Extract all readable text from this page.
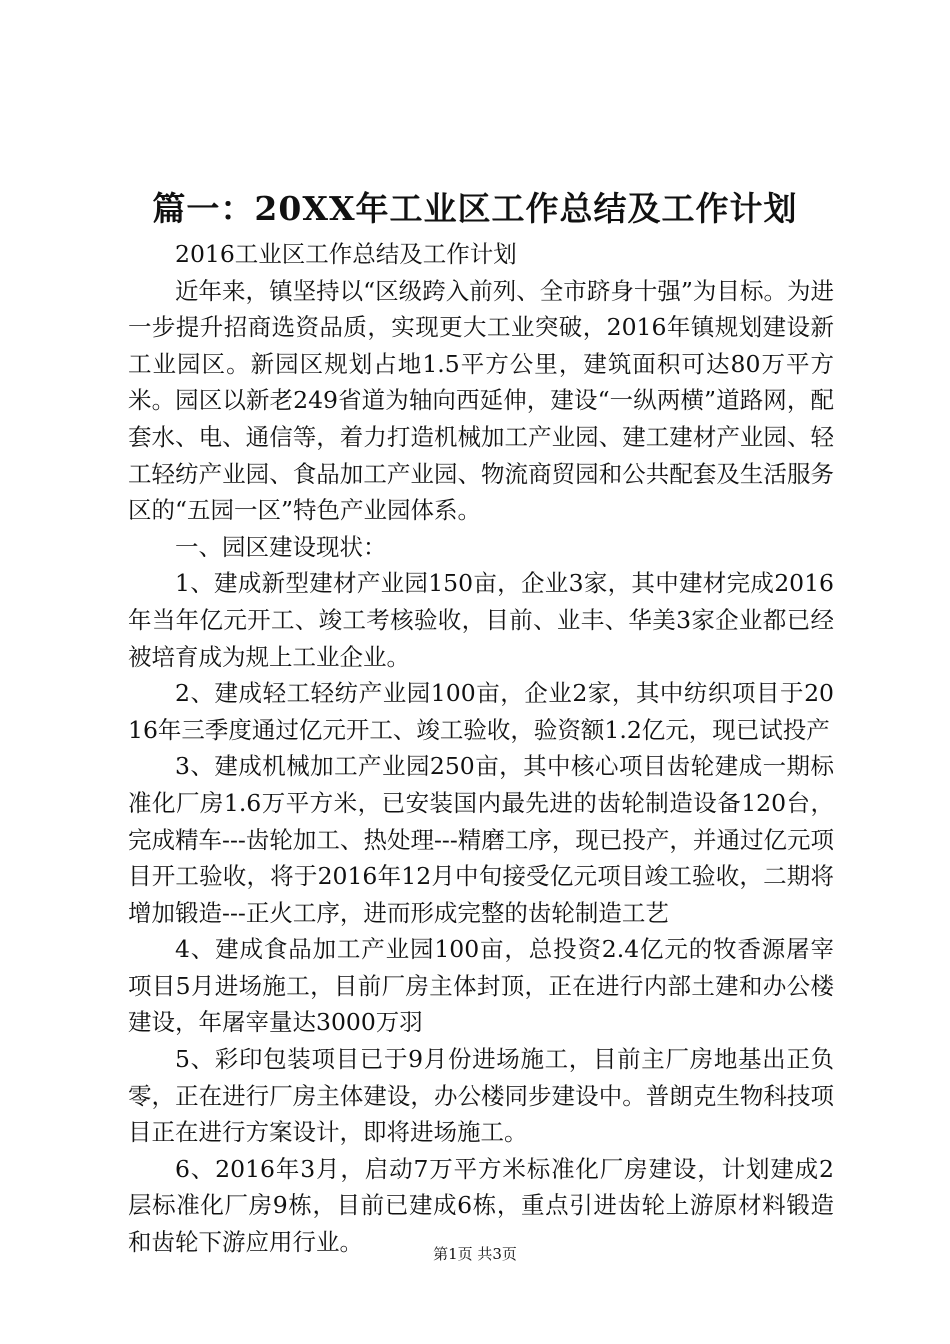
篇一：20XX年工业区工作总结及工作计划

2016工业区工作总结及工作计划

近年来，镇坚持以“区级跨入前列、全市跻身十强”为目标。为进一步提升招商选资品质，实现更大工业突破，2016年镇规划建设新工业园区。新园区规划占地1.5平方公里，建筑面积可达80万平方米。园区以新老249省道为轴向西延伸，建设“一纵两横”道路网，配套水、电、通信等，着力打造机械加工产业园、建工建材产业园、轻工轻纺产业园、食品加工产业园、物流商贸园和公共配套及生活服务区的“五园一区”特色产业园体系。

一、园区建设现状：

1、建成新型建材产业园150亩，企业3家，其中建材完成2016年当年亿元开工、竣工考核验收，目前、业丰、华美3家企业都已经被培育成为规上工业企业。

2、建成轻工轻纺产业园100亩，企业2家，其中纺织项目于2016年三季度通过亿元开工、竣工验收，验资额1.2亿元，现已试投产

3、建成机械加工产业园250亩，其中核心项目齿轮建成一期标准化厂房1.6万平方米，已安装国内最先进的齿轮制造设备120台，完成精车---齿轮加工、热处理---精磨工序，现已投产，并通过亿元项目开工验收，将于2016年12月中旬接受亿元项目竣工验收，二期将增加锻造---正火工序，进而形成完整的齿轮制造工艺

4、建成食品加工产业园100亩，总投资2.4亿元的牧香源屠宰项目5月进场施工，目前厂房主体封顶，正在进行内部土建和办公楼建设，年屠宰量达3000万羽

5、彩印包装项目已于9月份进场施工，目前主厂房地基出正负零，正在进行厂房主体建设，办公楼同步建设中。普朗克生物科技项目正在进行方案设计，即将进场施工。

6、2016年3月，启动7万平方米标准化厂房建设，计划建成2层标准化厂房9栋，目前已建成6栋，重点引进齿轮上游原材料锻造和齿轮下游应用行业。	第1页 共3页
